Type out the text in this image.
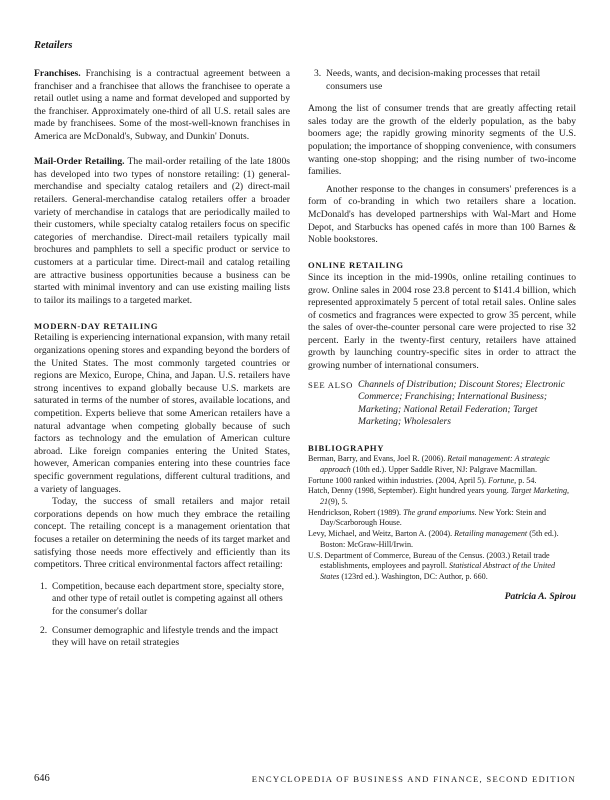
Retailers

Franchises. Franchising is a contractual agreement between a franchiser and a franchisee that allows the franchisee to operate a retail outlet using a name and format developed and supported by the franchiser. Approximately one-third of all U.S. retail sales are made by franchisees. Some of the most-well-known franchises in America are McDonald's, Subway, and Dunkin' Donuts.

Mail-Order Retailing. The mail-order retailing of the late 1800s has developed into two types of nonstore retailing: (1) general-merchandise and specialty catalog retailers and (2) direct-mail retailers. General-merchandise catalog retailers offer a broader variety of merchandise in catalogs that are periodically mailed to their customers, while specialty catalog retailers focus on specific categories of merchandise. Direct-mail retailers typically mail brochures and pamphlets to sell a specific product or service to customers at a particular time. Direct-mail and catalog retailing are attractive business opportunities because a business can be started with minimal inventory and can use existing mailing lists to tailor its mailings to a targeted market.

MODERN-DAY RETAILING

Retailing is experiencing international expansion, with many retail organizations opening stores and expanding beyond the borders of the United States. The most commonly targeted countries or regions are Mexico, Europe, China, and Japan. U.S. retailers have strong incentives to expand globally because U.S. markets are saturated in terms of the number of stores, available locations, and competition. Experts believe that some American retailers have a natural advantage when competing globally because of such factors as technology and the emulation of American culture abroad. Like foreign companies entering the United States, however, American companies entering into these countries face specific government regulations, different cultural traditions, and a variety of languages.

Today, the success of small retailers and major retail corporations depends on how much they embrace the retailing concept. The retailing concept is a management orientation that focuses a retailer on determining the needs of its target market and satisfying those needs more effectively and efficiently than its competitors. Three critical environmental factors affect retailing:

1. Competition, because each department store, specialty store, and other type of retail outlet is competing against all others for the consumer's dollar
2. Consumer demographic and lifestyle trends and the impact they will have on retail strategies
3. Needs, wants, and decision-making processes that retail consumers use

Among the list of consumer trends that are greatly affecting retail sales today are the growth of the elderly population, as the baby boomers age; the rapidly growing minority segments of the U.S. population; the importance of shopping convenience, with consumers wanting one-stop shopping; and the rising number of two-income families.

Another response to the changes in consumers' preferences is a form of co-branding in which two retailers share a location. McDonald's has developed partnerships with Wal-Mart and Home Depot, and Starbucks has opened cafés in more than 100 Barnes & Noble bookstores.

ONLINE RETAILING

Since its inception in the mid-1990s, online retailing continues to grow. Online sales in 2004 rose 23.8 percent to $141.4 billion, which represented approximately 5 percent of total retail sales. Online sales of cosmetics and fragrances were expected to grow 35 percent, while the sales of over-the-counter personal care were projected to rise 32 percent. Early in the twenty-first century, retailers have attained growth by launching country-specific sites in order to attract the growing number of international consumers.

SEE ALSO Channels of Distribution; Discount Stores; Electronic Commerce; Franchising; International Business; Marketing; National Retail Federation; Target Marketing; Wholesalers
BIBLIOGRAPHY

Berman, Barry, and Evans, Joel R. (2006). Retail management: A strategic approach (10th ed.). Upper Saddle River, NJ: Palgrave Macmillan.

Fortune 1000 ranked within industries. (2004, April 5). Fortune, p. 54.

Hatch, Denny (1998, September). Eight hundred years young. Target Marketing, 21(9), 5.

Hendrickson, Robert (1989). The grand emporiums. New York: Stein and Day/Scarborough House.

Levy, Michael, and Weitz, Barton A. (2004). Retailing management (5th ed.). Boston: McGraw-Hill/Irwin.

U.S. Department of Commerce, Bureau of the Census. (2003.) Retail trade establishments, employees and payroll. Statistical Abstract of the United States (123rd ed.). Washington, DC: Author, p. 660.

Patricia A. Spirou
646	ENCYCLOPEDIA OF BUSINESS AND FINANCE, SECOND EDITION
